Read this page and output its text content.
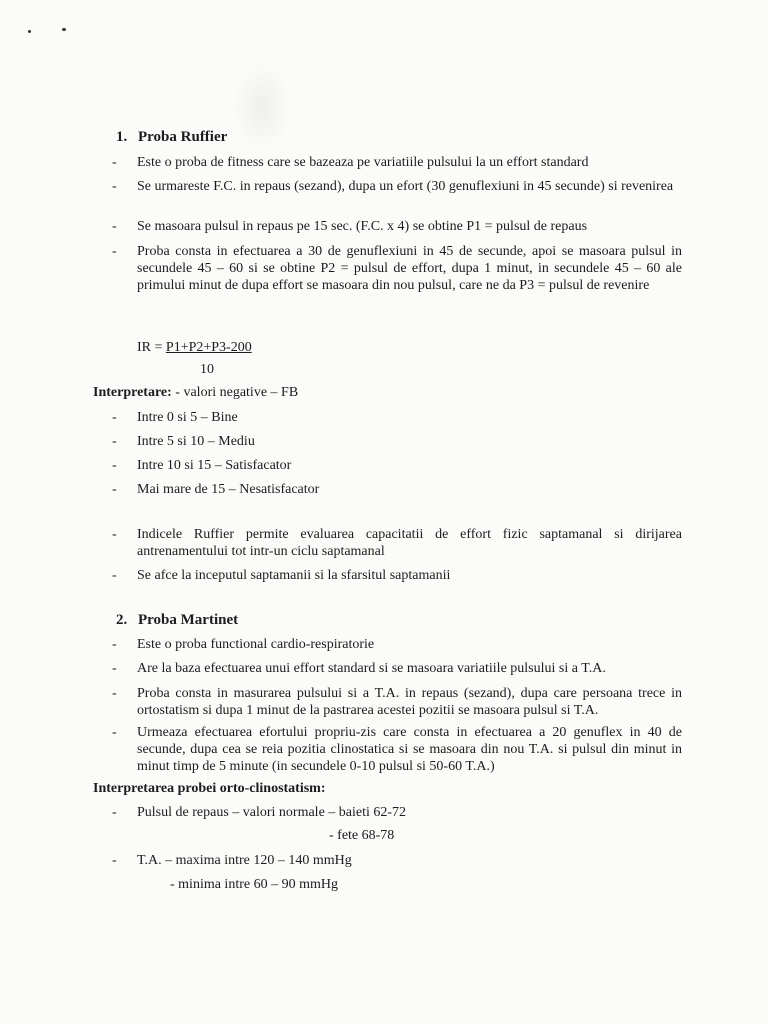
1. Proba Ruffier
- Este o proba de fitness care se bazeaza pe variatiile pulsului la un effort standard
- Se urmareste F.C. in repaus (sezand), dupa un efort (30 genuflexiuni in 45 secunde) si revenirea
- Se masoara pulsul in repaus pe 15 sec. (F.C. x 4) se obtine P1 = pulsul de repaus
- Proba consta in efectuarea a 30 de genuflexiuni in 45 de secunde, apoi se masoara pulsul in secundele 45 – 60 si se obtine P2 = pulsul de effort, dupa 1 minut, in secundele 45 – 60 ale primului minut de dupa effort se masoara din nou pulsul, care ne da P3 = pulsul de revenire
IR = P1+P2+P3-200
10
Interpretare: - valori negative – FB
- Intre 0 si 5 – Bine
- Intre 5 si 10 – Mediu
- Intre 10 si 15 – Satisfacator
- Mai mare de 15 – Nesatisfacator
- Indicele Ruffier permite evaluarea capacitatii de effort fizic saptamanal si dirijarea antrenamentului tot intr-un ciclu saptamanal
- Se afce la inceputul saptamanii si la sfarsitul saptamanii
2. Proba Martinet
- Este o proba functional cardio-respiratorie
- Are la baza efectuarea unui effort standard si se masoara variatiile pulsului si a T.A.
- Proba consta in masurarea pulsului si a T.A. in repaus (sezand), dupa care persoana trece in ortostatism si dupa 1 minut de la pastrarea acestei pozitii se masoara pulsul si T.A.
- Urmeaza efectuarea efortului propriu-zis care consta in efectuarea a 20 genuflex in 40 de secunde, dupa cea se reia pozitia clinostatica si se masoara din nou T.A. si pulsul din minut in minut timp de 5 minute (in secundele 0-10 pulsul si 50-60 T.A.)
Interpretarea probei orto-clinostatism:
- Pulsul de repaus – valori normale – baieti 62-72
- fete 68-78
- T.A. – maxima intre 120 – 140 mmHg
- minima intre 60 – 90 mmHg
